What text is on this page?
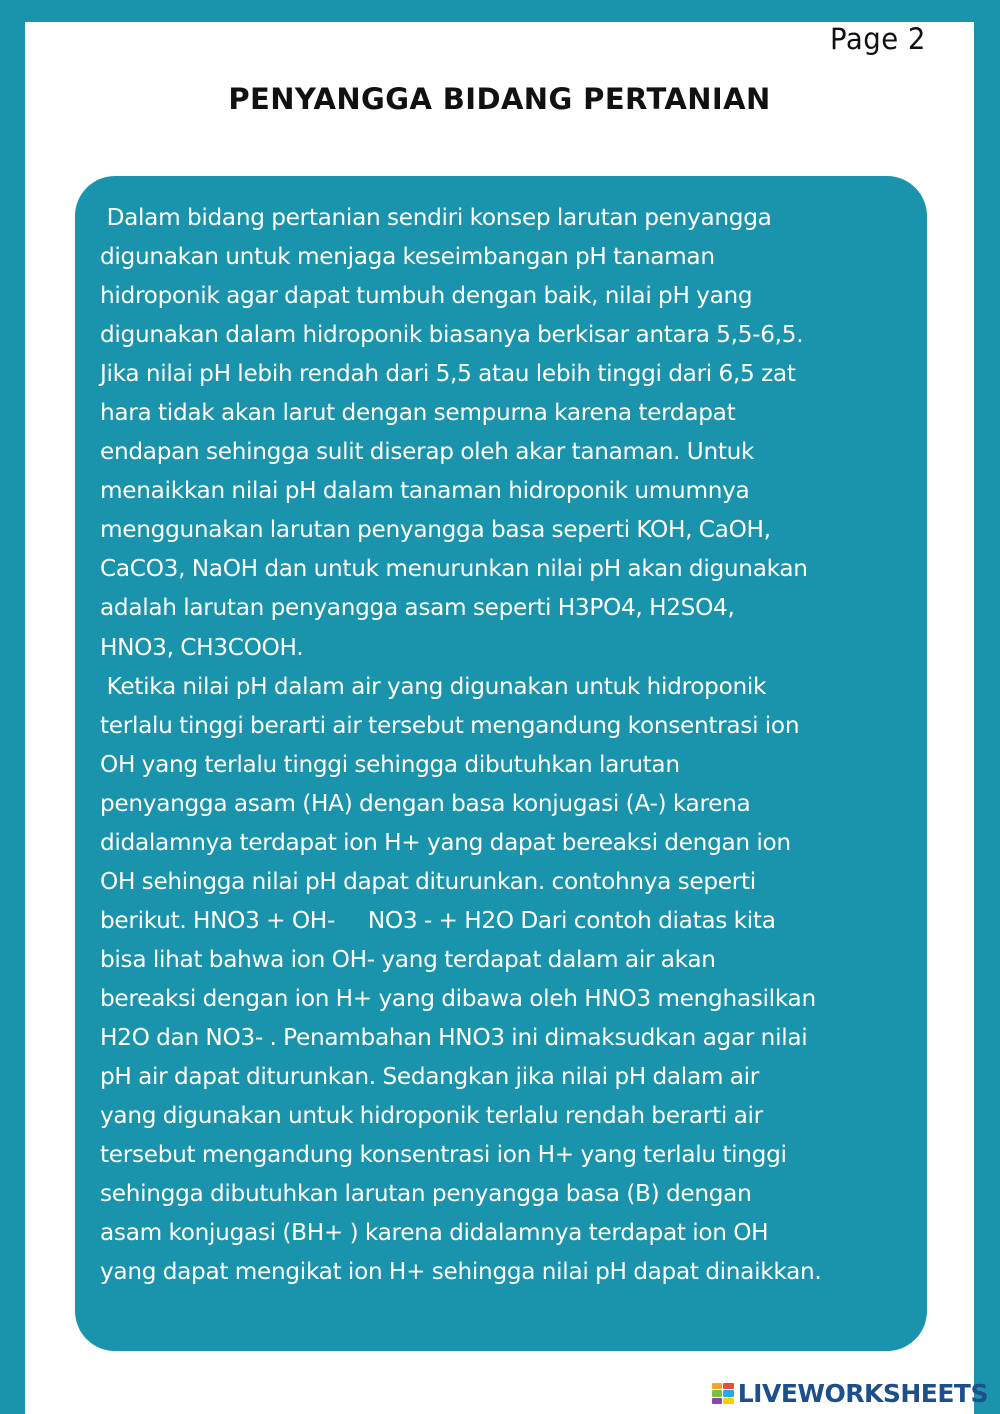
Page 2
PENYANGGA BIDANG PERTANIAN
Dalam bidang pertanian sendiri konsep larutan penyangga
digunakan untuk menjaga keseimbangan pH tanaman
hidroponik agar dapat tumbuh dengan baik, nilai pH yang
digunakan dalam hidroponik biasanya berkisar antara 5,5-6,5.
Jika nilai pH lebih rendah dari 5,5 atau lebih tinggi dari 6,5 zat
hara tidak akan larut dengan sempurna karena terdapat
endapan sehingga sulit diserap oleh akar tanaman. Untuk
menaikkan nilai pH dalam tanaman hidroponik umumnya
menggunakan larutan penyangga basa seperti KOH, CaOH,
CaCO3, NaOH dan untuk menurunkan nilai pH akan digunakan
adalah larutan penyangga asam seperti H3PO4, H2SO4,
HNO3, CH3COOH.
Ketika nilai pH dalam air yang digunakan untuk hidroponik
terlalu tinggi berarti air tersebut mengandung konsentrasi ion
OH yang terlalu tinggi sehingga dibutuhkan larutan
penyangga asam (HA) dengan basa konjugasi (A-) karena
didalamnya terdapat ion H+ yang dapat bereaksi dengan ion
OH sehingga nilai pH dapat diturunkan. contohnya seperti
berikut. HNO3 + OH-     NO3 - + H2O Dari contoh diatas kita
bisa lihat bahwa ion OH- yang terdapat dalam air akan
bereaksi dengan ion H+ yang dibawa oleh HNO3 menghasilkan
H2O dan NO3- . Penambahan HNO3 ini dimaksudkan agar nilai
pH air dapat diturunkan. Sedangkan jika nilai pH dalam air
yang digunakan untuk hidroponik terlalu rendah berarti air
tersebut mengandung konsentrasi ion H+ yang terlalu tinggi
sehingga dibutuhkan larutan penyangga basa (B) dengan
asam konjugasi (BH+ ) karena didalamnya terdapat ion OH
yang dapat mengikat ion H+ sehingga nilai pH dapat dinaikkan.
LIVEWORKSHEETS
